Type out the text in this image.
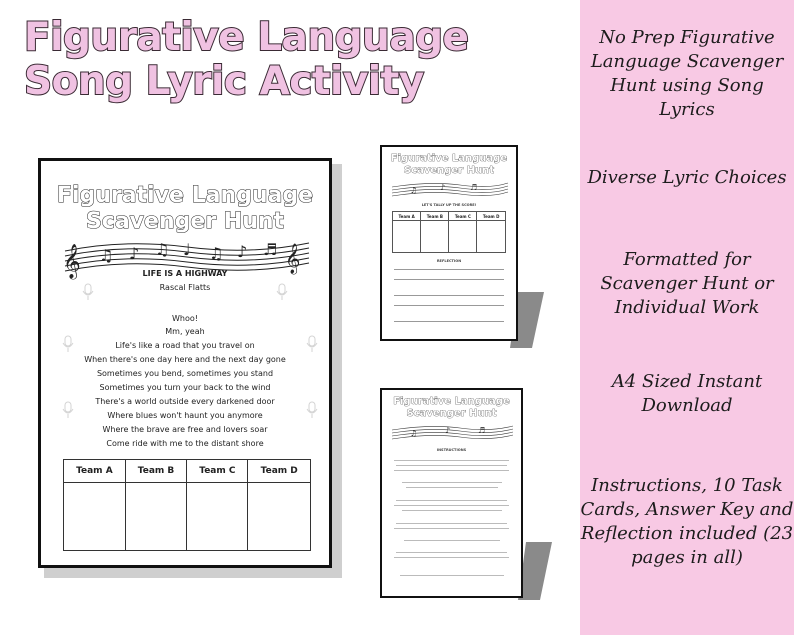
Figurative Language
Song Lyric Activity
Figurative Language
Scavenger Hunt
𝄞	𝄞
♫ ♪ ♫ ♩ ♫ ♪ ♬
LIFE IS A HIGHWAY
Rascal Flatts
Whoo!
Mm, yeah
Life's like a road that you travel on
When there's one day here and the next day gone
Sometimes you bend, sometimes you stand
Sometimes you turn your back to the wind
There's a world outside every darkened door
Where blues won't haunt you anymore
Where the brave are free and lovers soar
Come ride with me to the distant shore
Team A	Team B	Team C	Team D

Figurative Language
Scavenger Hunt
♫	♪	♬
LET'S TALLY UP THE SCORE!
Team A	Team B	Team C	Team D

REFLECTION
Figurative Language
Scavenger Hunt
♫	♪	♬
INSTRUCTIONS

No Prep Figurative Language Scavenger Hunt using Song Lyrics

Diverse Lyric Choices

Formatted for Scavenger Hunt or Individual Work

A4 Sized Instant Download

Instructions, 10 Task Cards, Answer Key and Reflection included (23 pages in all)
